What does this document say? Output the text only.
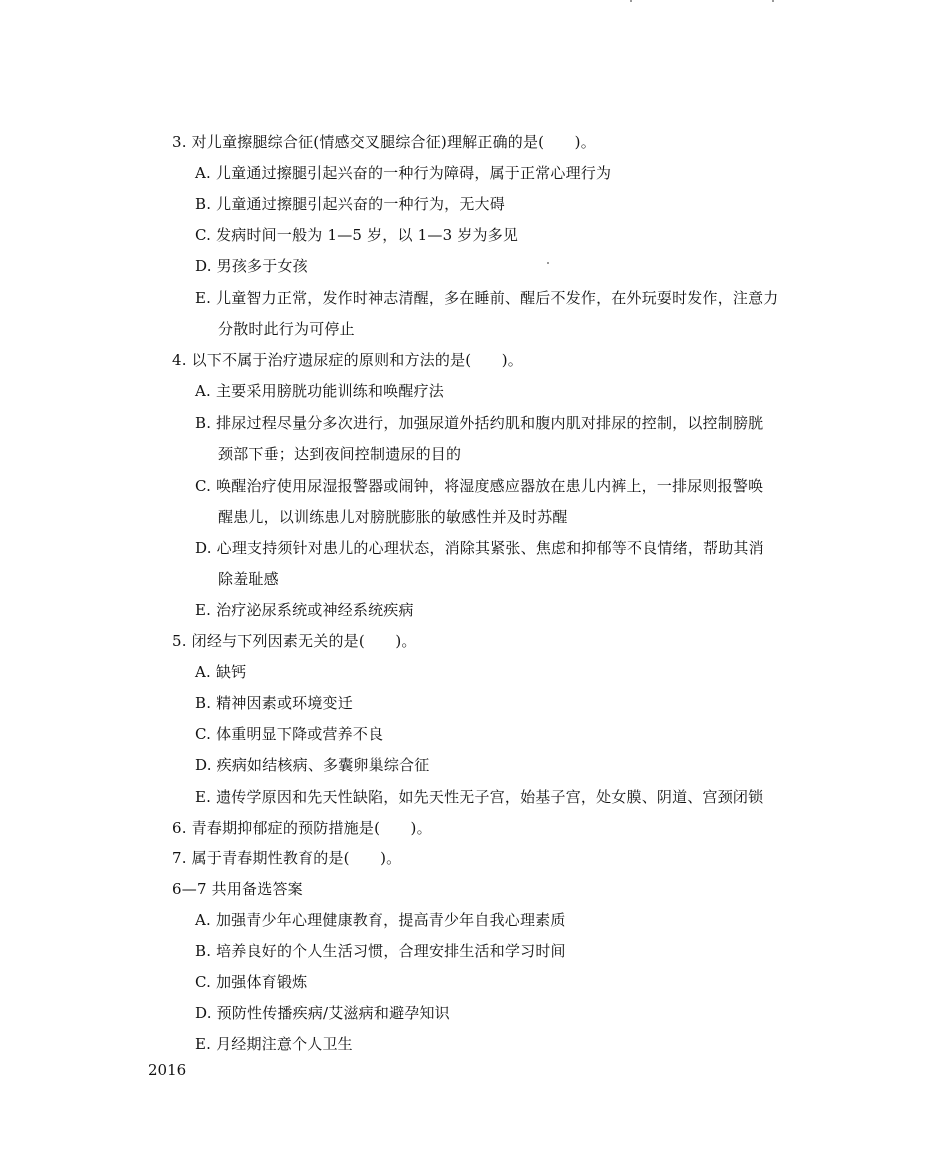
3. 对儿童擦腿综合征(情感交叉腿综合征)理解正确的是(　　)。
A. 儿童通过擦腿引起兴奋的一种行为障碍，属于正常心理行为
B. 儿童通过擦腿引起兴奋的一种行为，无大碍
C. 发病时间一般为 1—5 岁，以 1—3 岁为多见
D. 男孩多于女孩
E. 儿童智力正常，发作时神志清醒，多在睡前、醒后不发作，在外玩耍时发作，注意力
分散时此行为可停止
4. 以下不属于治疗遗尿症的原则和方法的是(　　)。
A. 主要采用膀胱功能训练和唤醒疗法
B. 排尿过程尽量分多次进行，加强尿道外括约肌和腹内肌对排尿的控制，以控制膀胱
颈部下垂；达到夜间控制遗尿的目的
C. 唤醒治疗使用尿湿报警器或闹钟，将湿度感应器放在患儿内裤上，一排尿则报警唤
醒患儿，以训练患儿对膀胱膨胀的敏感性并及时苏醒
D. 心理支持须针对患儿的心理状态，消除其紧张、焦虑和抑郁等不良情绪，帮助其消
除羞耻感
E. 治疗泌尿系统或神经系统疾病
5. 闭经与下列因素无关的是(　　)。
A. 缺钙
B. 精神因素或环境变迁
C. 体重明显下降或营养不良
D. 疾病如结核病、多囊卵巢综合征
E. 遗传学原因和先天性缺陷，如先天性无子宫，始基子宫，处女膜、阴道、宫颈闭锁
6. 青春期抑郁症的预防措施是(　　)。
7. 属于青春期性教育的是(　　)。
6—7 共用备选答案
A. 加强青少年心理健康教育，提高青少年自我心理素质
B. 培养良好的个人生活习惯，合理安排生活和学习时间
C. 加强体育锻炼
D. 预防性传播疾病/艾滋病和避孕知识
E. 月经期注意个人卫生
2016
